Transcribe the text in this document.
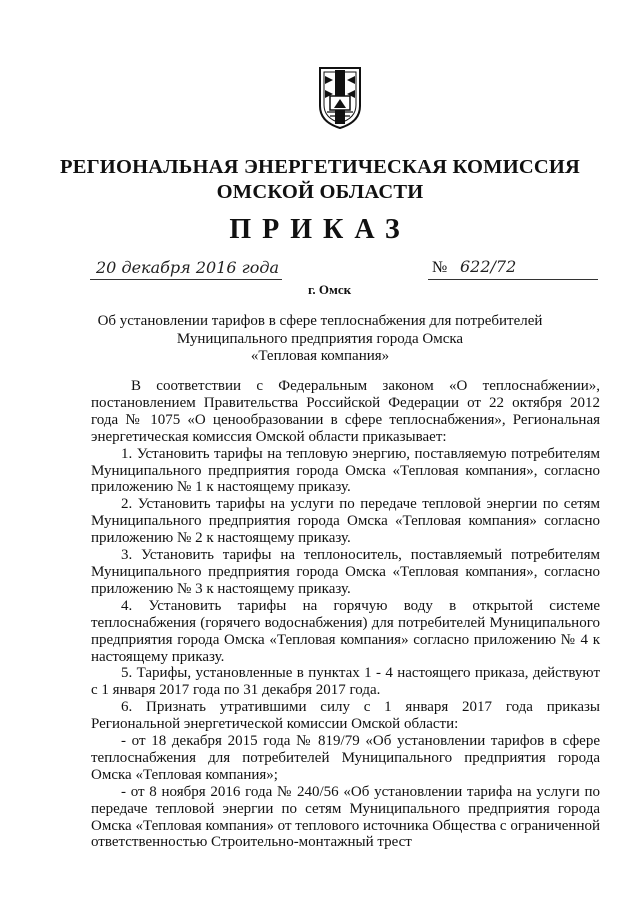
РЕГИОНАЛЬНАЯ ЭНЕРГЕТИЧЕСКАЯ КОМИССИЯ
ОМСКОЙ ОБЛАСТИ
ПРИКАЗ
20 декабря 2016 года
г. Омск
№ 622/72
Об установлении тарифов в сфере теплоснабжения для потребителей
Муниципального предприятия города Омска
«Тепловая компания»

В соответствии с Федеральным законом «О теплоснабжении», постановлением Правительства Российской Федерации от 22 октября 2012 года № 1075 «О ценообразовании в сфере теплоснабжения», Региональная энергетическая комиссия Омской области приказывает:

1. Установить тарифы на тепловую энергию, поставляемую потребителям Муниципального предприятия города Омска «Тепловая компания», согласно приложению № 1 к настоящему приказу.

2. Установить тарифы на услуги по передаче тепловой энергии по сетям Муниципального предприятия города Омска «Тепловая компания» согласно приложению № 2 к настоящему приказу.

3. Установить тарифы на теплоноситель, поставляемый потребителям Муниципального предприятия города Омска «Тепловая компания», согласно приложению № 3 к настоящему приказу.

4. Установить тарифы на горячую воду в открытой системе теплоснабжения (горячего водоснабжения) для потребителей Муниципального предприятия города Омска «Тепловая компания» согласно приложению № 4 к настоящему приказу.

5. Тарифы, установленные в пунктах 1 - 4 настоящего приказа, действуют с 1 января 2017 года по 31 декабря 2017 года.

6. Признать утратившими силу с 1 января 2017 года приказы Региональной энергетической комиссии Омской области:

- от 18 декабря 2015 года № 819/79 «Об установлении тарифов в сфере теплоснабжения для потребителей Муниципального предприятия города Омска «Тепловая компания»;

- от 8 ноября 2016 года № 240/56 «Об установлении тарифа на услуги по передаче тепловой энергии по сетям Муниципального предприятия города Омска «Тепловая компания» от теплового источника Общества с ограниченной ответственностью Строительно-монтажный трест
